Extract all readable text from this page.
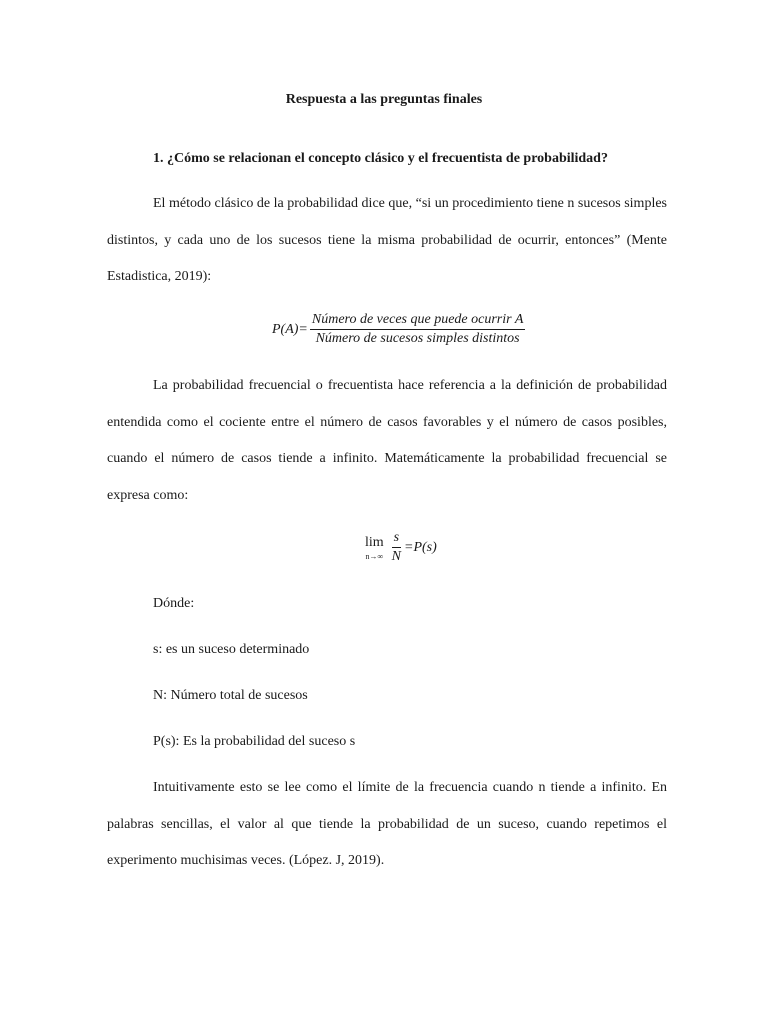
Respuesta a las preguntas finales
1. ¿Cómo se relacionan el concepto clásico y el frecuentista de probabilidad?

El método clásico de la probabilidad dice que, “si un procedimiento tiene n sucesos simples distintos, y cada uno de los sucesos tiene la misma probabilidad de ocurrir, entonces” (Mente Estadistica, 2019):

$P(A)= \frac{\text{Número de veces que puede ocurrir A}}{\text{Número de sucesos simples distintos}}$

La probabilidad frecuencial o frecuentista hace referencia a la definición de probabilidad entendida como el cociente entre el número de casos favorables y el número de casos posibles, cuando el número de casos tiende a infinito. Matemáticamente la probabilidad frecuencial se expresa como:

lim
$n\to\infty \frac{s}{N} =P(s)$
Dónde:
s: es un suceso determinado
N: Número total de sucesos
P(s): Es la probabilidad del suceso s

Intuitivamente esto se lee como el límite de la frecuencia cuando n tiende a infinito. En palabras sencillas, el valor al que tiende la probabilidad de un suceso, cuando repetimos el experimento muchisimas veces. (López. J, 2019).
